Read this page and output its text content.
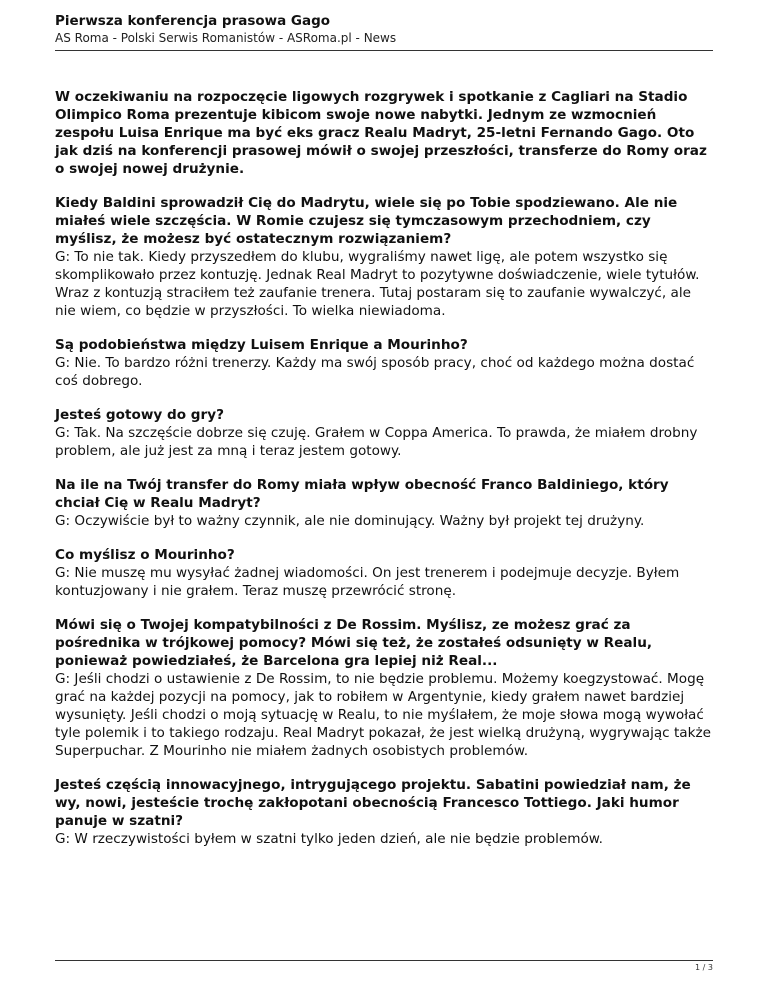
Pierwsza konferencja prasowa Gago
AS Roma - Polski Serwis Romanistów - ASRoma.pl - News

W oczekiwaniu na rozpoczęcie ligowych rozgrywek i spotkanie z Cagliari na Stadio Olimpico Roma prezentuje kibicom swoje nowe nabytki. Jednym ze wzmocnień zespołu Luisa Enrique ma być eks gracz Realu Madryt, 25-letni Fernando Gago. Oto jak dziś na konferencji prasowej mówił o swojej przeszłości, transferze do Romy oraz o swojej nowej drużynie.

Kiedy Baldini sprowadził Cię do Madrytu, wiele się po Tobie spodziewano. Ale nie miałeś wiele szczęścia. W Romie czujesz się tymczasowym przechodniem, czy myślisz, że możesz być ostatecznym rozwiązaniem?
G: To nie tak. Kiedy przyszedłem do klubu, wygraliśmy nawet ligę, ale potem wszystko się skomplikowało przez kontuzję. Jednak Real Madryt to pozytywne doświadczenie, wiele tytułów. Wraz z kontuzją straciłem też zaufanie trenera. Tutaj postaram się to zaufanie wywalczyć, ale nie wiem, co będzie w przyszłości. To wielka niewiadoma.
Są podobieństwa między Luisem Enrique a Mourinho?
G: Nie. To bardzo różni trenerzy. Każdy ma swój sposób pracy, choć od każdego można dostać coś dobrego.
Jesteś gotowy do gry?
G: Tak. Na szczęście dobrze się czuję. Grałem w Coppa America. To prawda, że miałem drobny problem, ale już jest za mną i teraz jestem gotowy.
Na ile na Twój transfer do Romy miała wpływ obecność Franco Baldiniego, który chciał Cię w Realu Madryt?
G: Oczywiście był to ważny czynnik, ale nie dominujący. Ważny był projekt tej drużyny.
Co myślisz o Mourinho?
G: Nie muszę mu wysyłać żadnej wiadomości. On jest trenerem i podejmuje decyzje. Byłem kontuzjowany i nie grałem. Teraz muszę przewrócić stronę.
Mówi się o Twojej kompatybilności z De Rossim. Myślisz, ze możesz grać za pośrednika w trójkowej pomocy? Mówi się też, że zostałeś odsunięty w Realu, ponieważ powiedziałeś, że Barcelona gra lepiej niż Real...
G: Jeśli chodzi o ustawienie z De Rossim, to nie będzie problemu. Możemy koegzystować. Mogę grać na każdej pozycji na pomocy, jak to robiłem w Argentynie, kiedy grałem nawet bardziej wysunięty. Jeśli chodzi o moją sytuację w Realu, to nie myślałem, że moje słowa mogą wywołać tyle polemik i to takiego rodzaju. Real Madryt pokazał, że jest wielką drużyną, wygrywając także Superpuchar. Z Mourinho nie miałem żadnych osobistych problemów.
Jesteś częścią innowacyjnego, intrygującego projektu. Sabatini powiedział nam, że wy, nowi, jesteście trochę zakłopotani obecnością Francesco Tottiego. Jaki humor panuje w szatni?
G: W rzeczywistości byłem w szatni tylko jeden dzień, ale nie będzie problemów.
1 / 3
